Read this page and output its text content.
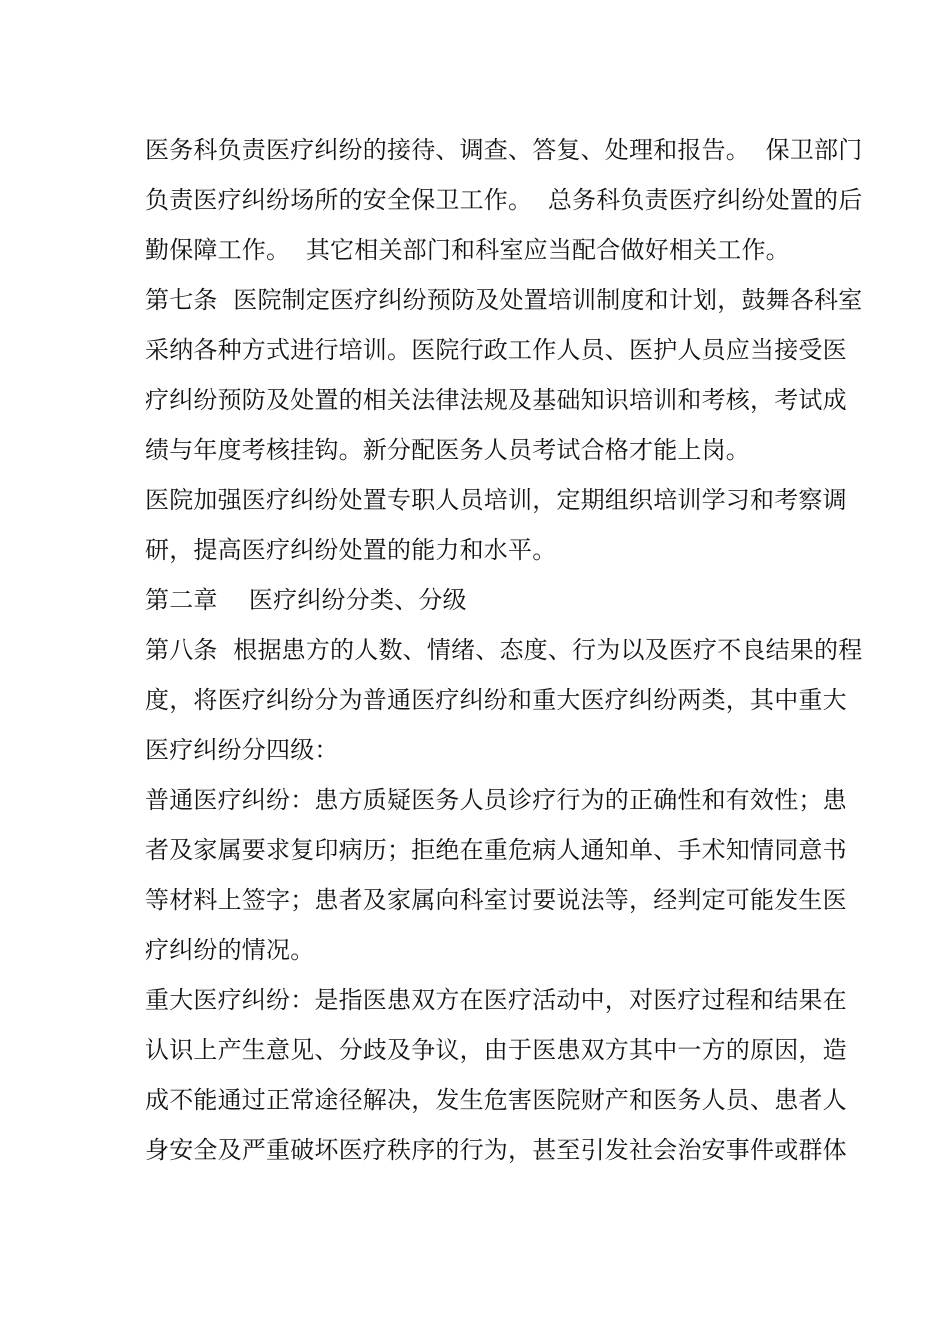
医务科负责医疗纠纷的接待、调查、答复、处理和报告。  保卫部门
负责医疗纠纷场所的安全保卫工作。  总务科负责医疗纠纷处置的后
勤保障工作。  其它相关部门和科室应当配合做好相关工作。
第七条  医院制定医疗纠纷预防及处置培训制度和计划，鼓舞各科室
采纳各种方式进行培训。医院行政工作人员、医护人员应当接受医
疗纠纷预防及处置的相关法律法规及基础知识培训和考核，考试成
绩与年度考核挂钩。新分配医务人员考试合格才能上岗。
医院加强医疗纠纷处置专职人员培训，定期组织培训学习和考察调
研，提高医疗纠纷处置的能力和水平。
第二章    医疗纠纷分类、分级
第八条  根据患方的人数、情绪、态度、行为以及医疗不良结果的程
度，将医疗纠纷分为普通医疗纠纷和重大医疗纠纷两类，其中重大
医疗纠纷分四级：
普通医疗纠纷：患方质疑医务人员诊疗行为的正确性和有效性；患
者及家属要求复印病历；拒绝在重危病人通知单、手术知情同意书
等材料上签字；患者及家属向科室讨要说法等，经判定可能发生医
疗纠纷的情况。
重大医疗纠纷：是指医患双方在医疗活动中，对医疗过程和结果在
认识上产生意见、分歧及争议，由于医患双方其中一方的原因，造
成不能通过正常途径解决，发生危害医院财产和医务人员、患者人
身安全及严重破坏医疗秩序的行为，甚至引发社会治安事件或群体
